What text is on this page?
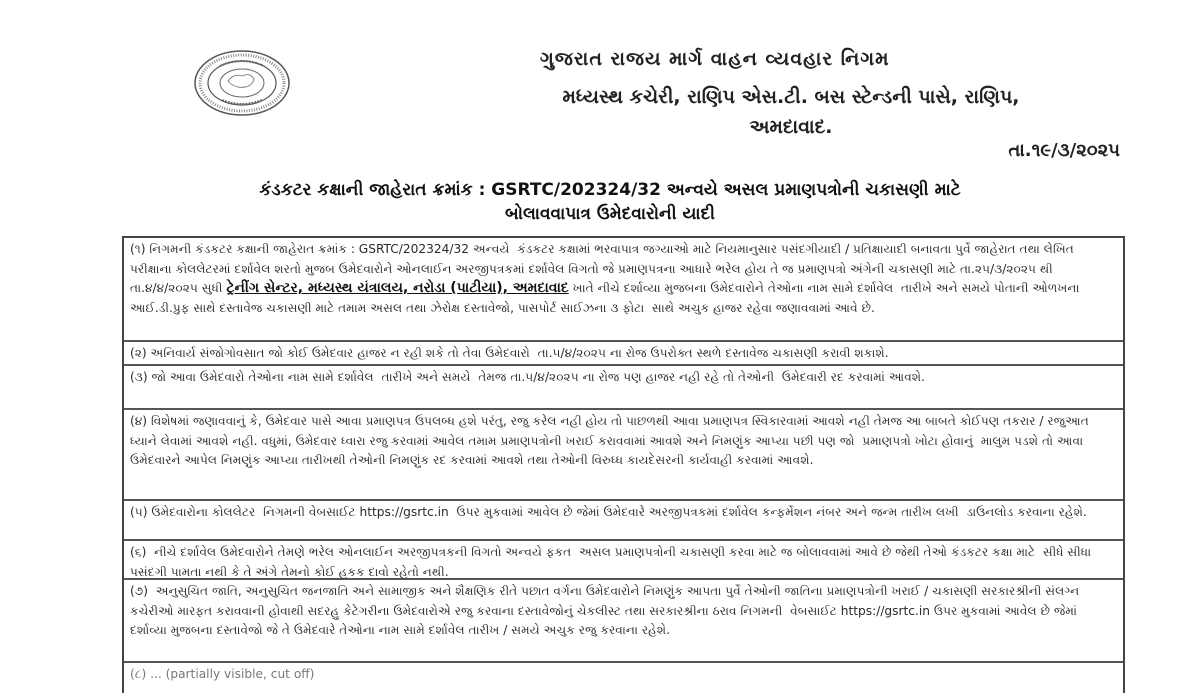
ગુજરાત રાજય માર્ગ વાહન વ્યવહાર નિગમ
મધ્યસ્થ કચેરી, રાણિપ એસ.ટી. બસ સ્ટેન્ડની પાસે, રાણિપ,
અમદાવાદ.
તા.૧૯/૩/૨૦૨૫
કંડકટર કક્ષાની જાહેરાત ક્રમાંક : GSRTC/202324/32 અન્વયે અસલ પ્રમાણપત્રોની ચકાસણી માટે
બોલાવવાપાત્ર ઉમેદવારોની યાદી
(૧) નિગમની કંડકટર કક્ષાની જાહેરાત ક્રમાંક : GSRTC/202324/32 અન્વયે  કંડકટર કક્ષામાં ભરવાપાત્ર જગ્યાઓ માટે નિયમાનુસાર પસંદગીયાદી / પ્રતિક્ષાયાદી બનાવતા પુર્વે જાહેરાત તથા લેખિત પરીક્ષાના કોલલેટરમાં દર્શાવેલ શરતો મુજબ ઉમેદવારોને ઓનલાઈન અરજીપત્રકમાં દર્શાવેલ વિગતો જે પ્રમાણપત્રના આધારે ભરેલ હોય તે જ પ્રમાણપત્રો અંગેની ચકાસણી માટે તા.૨૫/૩/૨૦૨૫ થી તા.૪/૪/૨૦૨૫ સુધી ટ્રેનીંગ સેન્ટર, મધ્યસ્થ યંત્રાલય, નરોડા (પાટીયા), અમદાવાદ ખાતે નીચે દર્શાવ્યા મુજબના ઉમેદવારોને તેઓના નામ સામે દર્શાવેલ  તારીખે અને સમયે પોતાની ઓળખના આઈ.ડી.પ્રુફ સાથે દસ્તાવેજ ચકાસણી માટે તમામ અસલ તથા ઝેરોક્ષ દસ્તાવેજો, પાસપોર્ટ સાઈઝના ૩ ફોટા  સાથે અચુક હાજર રહેવા જણાવવામાં આવે છે.
(૨) અનિવાર્ય સંજોગોવસાત જો કોઈ ઉમેદવાર હાજર ન રહી શકે તો તેવા ઉમેદવારો  તા.૫/૪/૨૦૨૫ ના રોજ ઉપરોક્ત સ્થળે દસ્તાવેજ ચકાસણી કરાવી શકાશે.
(૩) જો આવા ઉમેદવારો તેઓના નામ સામે દર્શાવેલ  તારીખે અને સમયે  તેમજ તા.૫/૪/૨૦૨૫ ના રોજ પણ હાજર નહી રહે તો તેઓની  ઉમેદવારી રદ કરવામાં આવશે.
(૪) વિશેષમાં જણાવવાનું કે, ઉમેદવાર પાસે આવા પ્રમાણપત્ર ઉપલબ્ધ હશે પરંતુ, રજુ કરેલ નહી હોય તો પાછળથી આવા પ્રમાણપત્ર સ્વિકારવામાં આવશે નહી તેમજ આ બાબતે કોઈપણ તકરાર / રજુઆત ધ્યાને લેવામાં આવશે નહી. વધુમાં, ઉમેદવાર ધ્વારા રજુ કરવામાં આવેલ તમામ પ્રમાણપત્રોની ખરાઈ કરાવવામાં આવશે અને નિમણુંક આપ્યા પછી પણ જો  પ્રમાણપત્રો ખોટા હોવાનું  માલુમ પડશે તો આવા ઉમેદવારને આપેલ નિમણુંક આપ્યા તારીખથી તેઓની નિમણુંક રદ કરવામાં આવશે તથા તેઓની વિરુધ્ધ કાયદેસરની કાર્યવાહી કરવામાં આવશે.
(૫) ઉમેદવારોના કોલલેટર  નિગમની વેબસાઈટ https://gsrtc.in  ઉપર મુકવામાં આવેલ છે જેમાં ઉમેદવારે અરજીપત્રકમાં દર્શાવેલ કન્ફર્મેશન નંબર અને જન્મ તારીખ લખી  ડાઉનલોડ કરવાના રહેશે.
(૬)  નીચે દર્શાવેલ ઉમેદવારોને તેમણે ભરેલ ઓનલાઈન અરજીપત્રકની વિગતો અન્વયે ફકત  અસલ પ્રમાણપત્રોની ચકાસણી કરવા માટે જ બોલાવવામાં આવે છે જેથી તેઓ કંડકટર કક્ષા માટે  સીધે સીધા પસંદગી પામતા નથી કે તે અંગે તેમનો કોઈ હકક દાવો રહેતો નથી.
(૭)  અનુસુચિત જાતિ, અનુસુચિત જનજાતિ અને સામાજીક અને શૈક્ષણિક રીતે પછાત વર્ગના ઉમેદવારોને નિમણુંક આપતા પુર્વે તેઓની જાતિના પ્રમાણપત્રોની ખરાઈ / ચકાસણી સરકારશ્રીની સંલગ્ન કચેરીઓ મારફત કરાવવાની હોવાથી સદરહુ કેટેગરીના ઉમેદવારોએ રજુ કરવાના દસ્તાવેજોનું ચેકલીસ્ટ તથા સરકારશ્રીના ઠરાવ નિગમની  વેબસાઈટ https://gsrtc.in ઉપર મુકવામાં આવેલ છે જેમાં દર્શાવ્યા મુજબના દસ્તાવેજો જે તે ઉમેદવારે તેઓના નામ સામે દર્શાવેલ તારીખ / સમયે અચુક રજુ કરવાના રહેશે.
(૮) ... (partially visible, cut off)
